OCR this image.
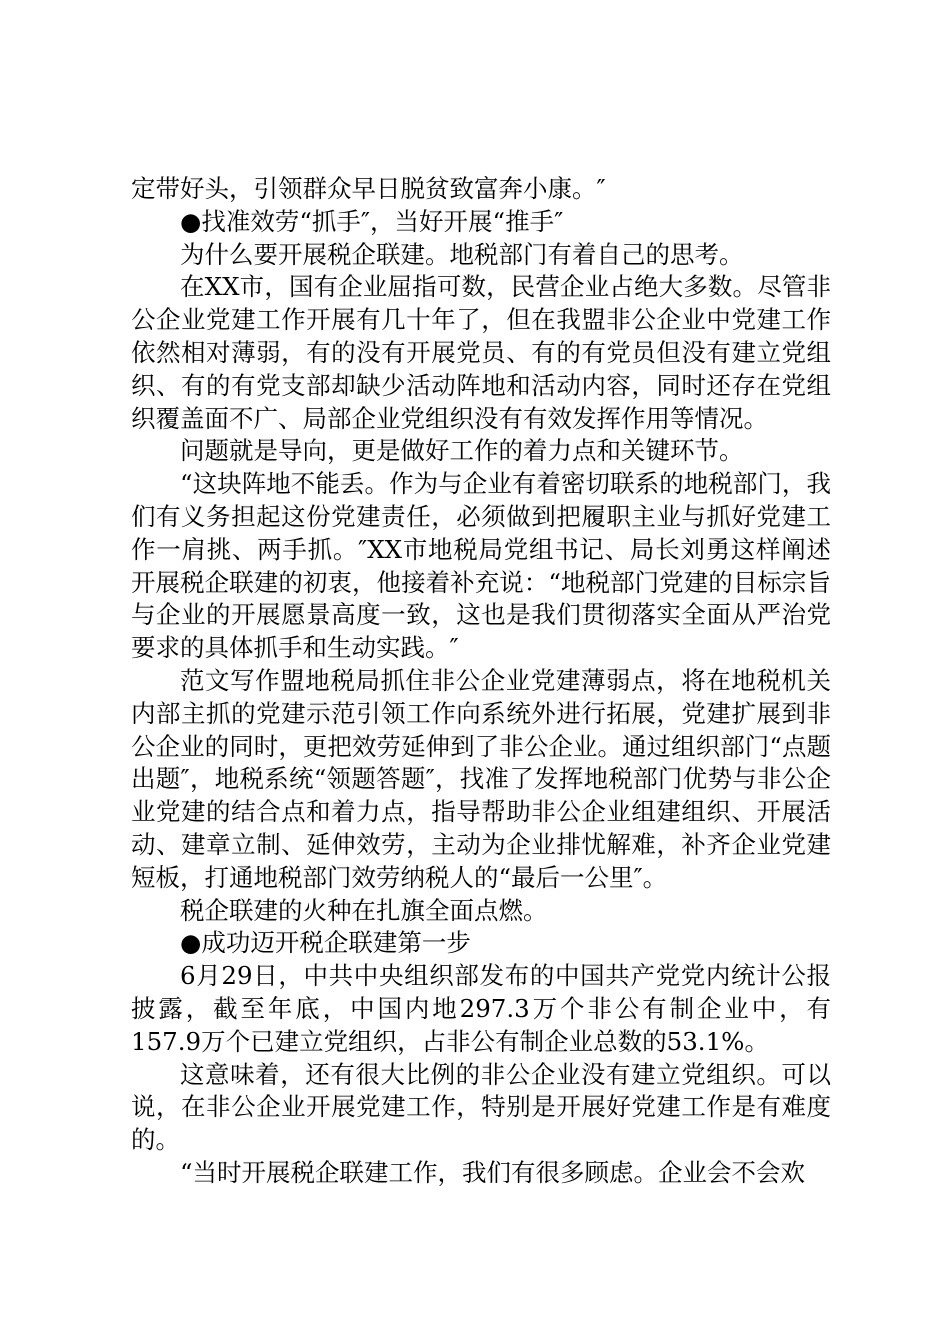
定带好头，引领群众早日脱贫致富奔小康。″

●找准效劳“抓手″，当好开展“推手″

为什么要开展税企联建。地税部门有着自己的思考。

在XX市，国有企业屈指可数，民营企业占绝大多数。尽管非公企业党建工作开展有几十年了，但在我盟非公企业中党建工作依然相对薄弱，有的没有开展党员、有的有党员但没有建立党组织、有的有党支部却缺少活动阵地和活动内容，同时还存在党组织覆盖面不广、局部企业党组织没有有效发挥作用等情况。

问题就是导向，更是做好工作的着力点和关键环节。

“这块阵地不能丢。作为与企业有着密切联系的地税部门，我们有义务担起这份党建责任，必须做到把履职主业与抓好党建工作一肩挑、两手抓。″XX市地税局党组书记、局长刘勇这样阐述开展税企联建的初衷，他接着补充说：“地税部门党建的目标宗旨与企业的开展愿景高度一致，这也是我们贯彻落实全面从严治党要求的具体抓手和生动实践。″

范文写作盟地税局抓住非公企业党建薄弱点，将在地税机关内部主抓的党建示范引领工作向系统外进行拓展，党建扩展到非公企业的同时，更把效劳延伸到了非公企业。通过组织部门“点题出题″，地税系统“领题答题″，找准了发挥地税部门优势与非公企业党建的结合点和着力点，指导帮助非公企业组建组织、开展活动、建章立制、延伸效劳，主动为企业排忧解难，补齐企业党建短板，打通地税部门效劳纳税人的“最后一公里″。

税企联建的火种在扎旗全面点燃。

●成功迈开税企联建第一步

6月29日，中共中央组织部发布的中国共产党党内统计公报披露，截至年底，中国内地297.3万个非公有制企业中，有157.9万个已建立党组织，占非公有制企业总数的53.1%。

这意味着，还有很大比例的非公企业没有建立党组织。可以说，在非公企业开展党建工作，特别是开展好党建工作是有难度的。

“当时开展税企联建工作，我们有很多顾虑。企业会不会欢
